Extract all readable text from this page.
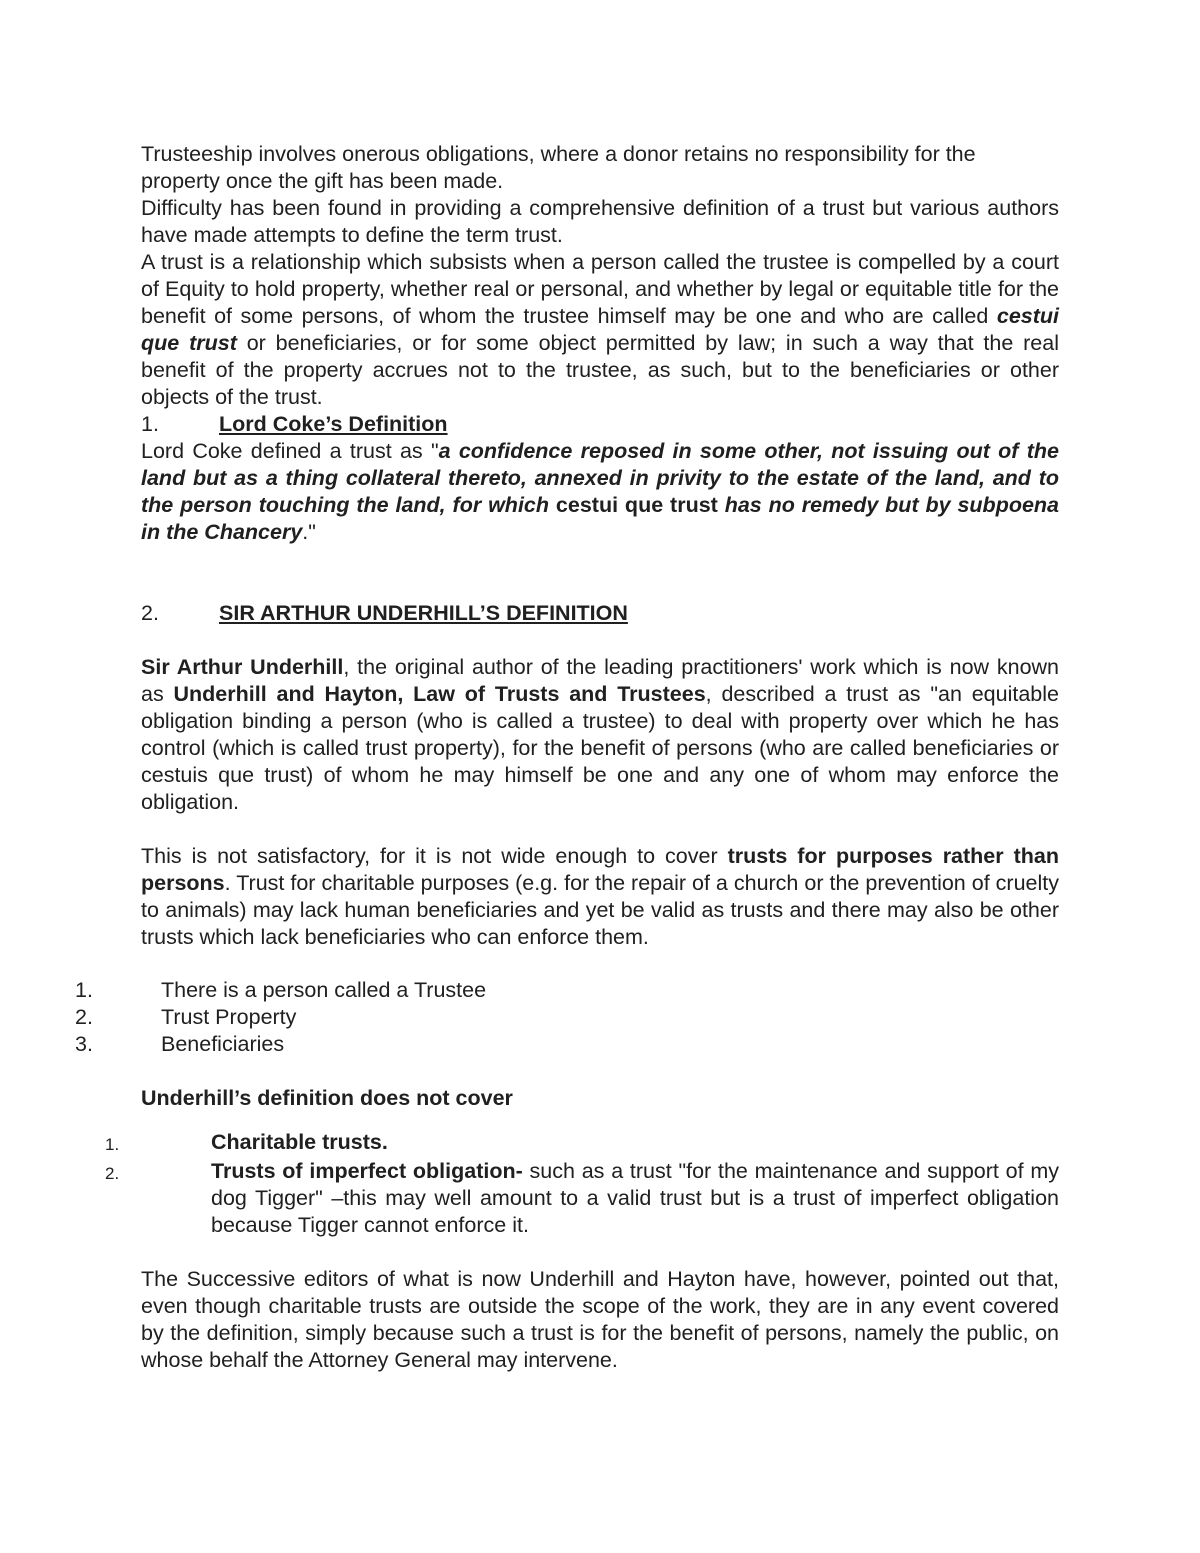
Trusteeship involves onerous obligations, where a donor retains no responsibility for the property once the gift has been made.

Difficulty has been found in providing a comprehensive definition of a trust but various authors have made attempts to define the term trust.

A trust is a relationship which subsists when a person called the trustee is compelled by a court of Equity to hold property, whether real or personal, and whether by legal or equitable title for the benefit of some persons, of whom the trustee himself may be one and who are called cestui que trust or beneficiaries, or for some object permitted by law; in such a way that the real benefit of the property accrues not to the trustee, as such, but to the beneficiaries or other objects of the trust.

1.	Lord Coke’s Definition

Lord Coke defined a trust as "a confidence reposed in some other, not issuing out of the land but as a thing collateral thereto, annexed in privity to the estate of the land, and to the person touching the land, for which cestui que trust has no remedy but by subpoena in the Chancery."

2.	SIR ARTHUR UNDERHILL’S DEFINITION

Sir Arthur Underhill, the original author of the leading practitioners' work which is now known as Underhill and Hayton, Law of Trusts and Trustees, described a trust as "an equitable obligation binding a person (who is called a trustee) to deal with property over which he has control (which is called trust property), for the benefit of persons (who are called beneficiaries or cestuis que trust) of whom he may himself be one and any one of whom may enforce the obligation.

This is not satisfactory, for it is not wide enough to cover trusts for purposes rather than persons. Trust for charitable purposes (e.g. for the repair of a church or the prevention of cruelty to animals) may lack human beneficiaries and yet be valid as trusts and there may also be other trusts which lack beneficiaries who can enforce them.

1.	There is a person called a Trustee
2.	Trust Property
3.	Beneficiaries

Underhill’s definition does not cover

1.	Charitable trusts.
2.	Trusts of imperfect obligation- such as a trust "for the maintenance and support of my dog Tigger" –this may well amount to a valid trust but is a trust of imperfect obligation because Tigger cannot enforce it.

The Successive editors of what is now Underhill and Hayton have, however, pointed out that, even though charitable trusts are outside the scope of the work, they are in any event covered by the definition, simply because such a trust is for the benefit of persons, namely the public, on whose behalf the Attorney General may intervene.
